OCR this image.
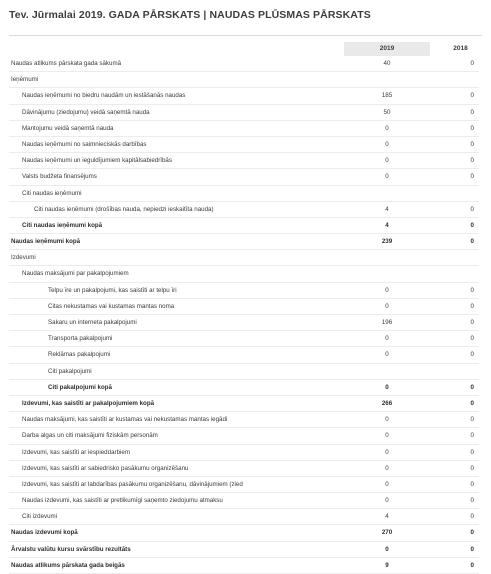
Tev. Jūrmalai 2019. GADA PĀRSKATS | NAUDAS PLŪSMAS PĀRSKATS
2019	2018
Naudas atlikums pārskata gada sākumā	40	0
Ieņēmumi
Naudas ieņēmumi no biedru naudām un iestāšanās naudas	185	0
Dāvinājumu (ziedojumu) veidā saņemtā nauda	50	0
Mantojumu veidā saņemtā nauda	0	0
Naudas ieņēmumi no saimnieciskās darbības	0	0
Naudas ieņēmumi un ieguldījumiem kapitālsabiedrībās	0	0
Valsts budžeta finansējums	0	0
Citi naudas ieņēmumi
Citi naudas ieņēmumi (drošības nauda, nepiedzi ieskaitīta nauda)	4	0
Citi naudas ieņēmumi kopā	4	0
Naudas ieņēmumi kopā	239	0
Izdevumi
Naudas maksājumi par pakalpojumiem
Telpu īre un pakalpojumi, kas saistīti ar telpu īri	0	0
Citas nekustamas vai kustamas mantas noma	0	0
Sakaru un interneta pakalpojumi	196	0
Transporta pakalpojumi	0	0
Reklāmas pakalpojumi	0	0
Citi pakalpojumi
Citi pakalpojumi kopā	0	0
Izdevumi, kas saistīti ar pakalpojumiem kopā	266	0
Naudas maksājumi, kas saistīti ar kustamas vai nekustamas mantas iegādi	0	0
Darba algas un citi maksājumi fiziskām personām	0	0
Izdevumi, kas saistīti ar iespieddarbiem	0	0
Izdevumi, kas saistīti ar sabiedrisko pasākumu organizēšanu	0	0
Izdevumi, kas saistīti ar labdarības pasākumu organizēšanu, dāvinājumiem (zied	0	0
Naudas izdevumi, kas saistīti ar pretlikumīgi saņemto ziedojumu atmaksu	0	0
Citi izdevumi	4	0
Naudas izdevumi kopā	270	0
Ārvalstu valūtu kursu svārstību rezultāts	0	0
Naudas atlikums pārskata gada beigās	9	0
